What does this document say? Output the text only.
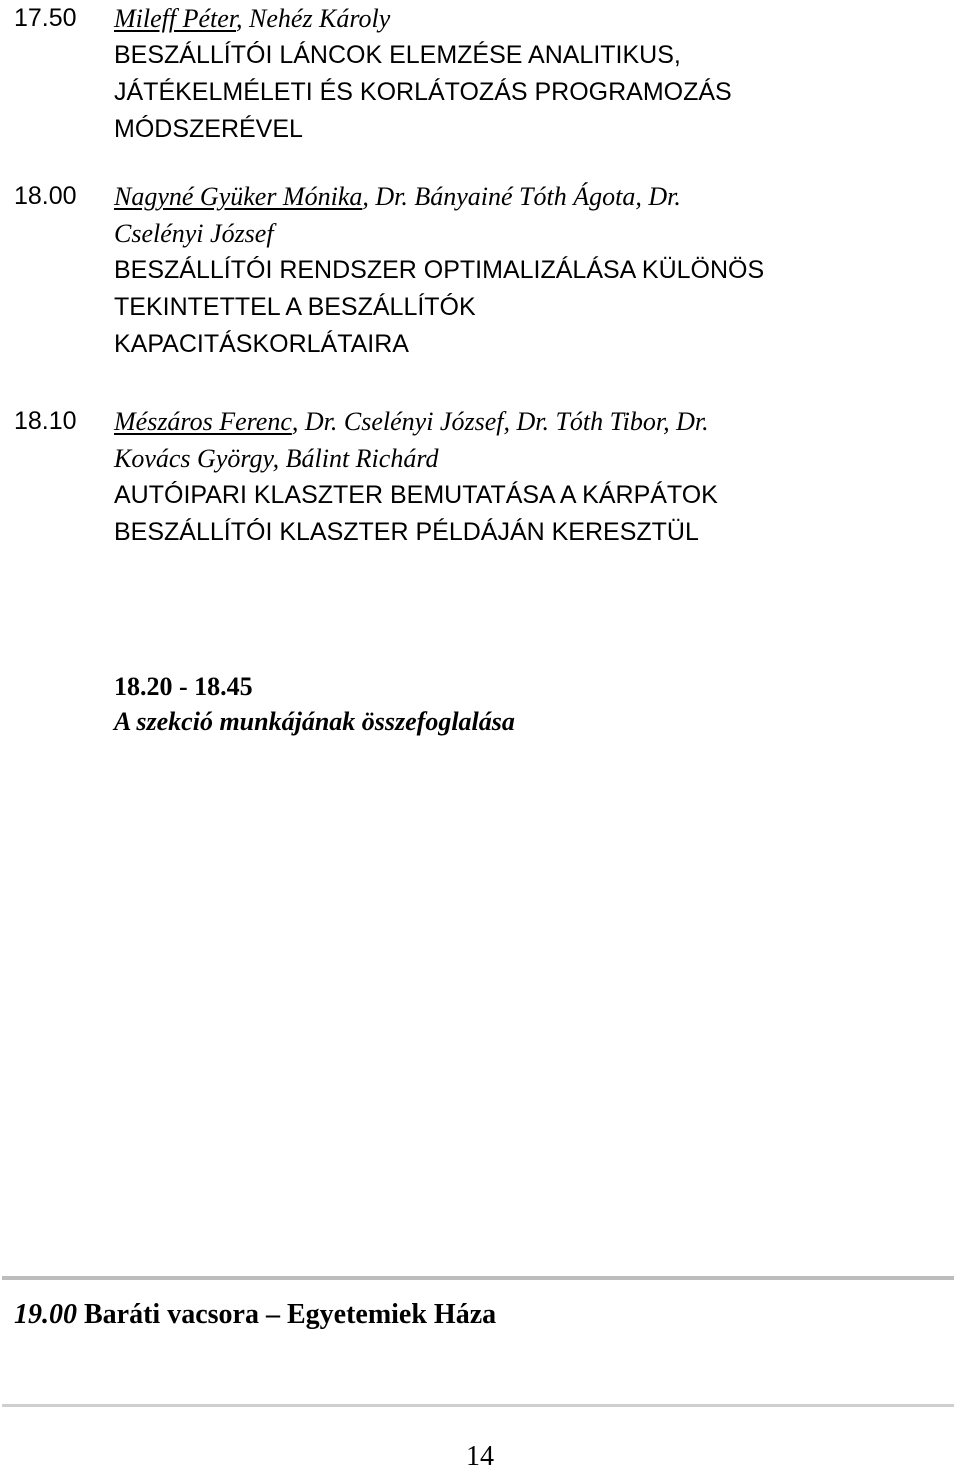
17.50 Mileff Péter, Nehéz Károly
BESZÁLLÍTÓI LÁNCOK ELEMZÉSE ANALITIKUS,
JÁTÉKELMÉLETI ÉS KORLÁTOZÁS PROGRAMOZÁS
MÓDSZERÉVEL
18.00 Nagyné Gyüker Mónika, Dr. Bányainé Tóth Ágota, Dr.
Cselényi József
BESZÁLLÍTÓI RENDSZER OPTIMALIZÁLÁSA KÜLÖNÖS
TEKINTETTEL A BESZÁLLÍTÓK
KAPACITÁSKORLÁTAIRA
18.10 Mészáros Ferenc, Dr. Cselényi József, Dr. Tóth Tibor, Dr.
Kovács György, Bálint Richárd
AUTÓIPARI KLASZTER BEMUTATÁSA A KÁRPÁTOK
BESZÁLLÍTÓI KLASZTER PÉLDÁJÁN KERESZTÜL
18.20 - 18.45
A szekció munkájának összefoglalása
19.00 Baráti vacsora – Egyetemiek Háza
14
